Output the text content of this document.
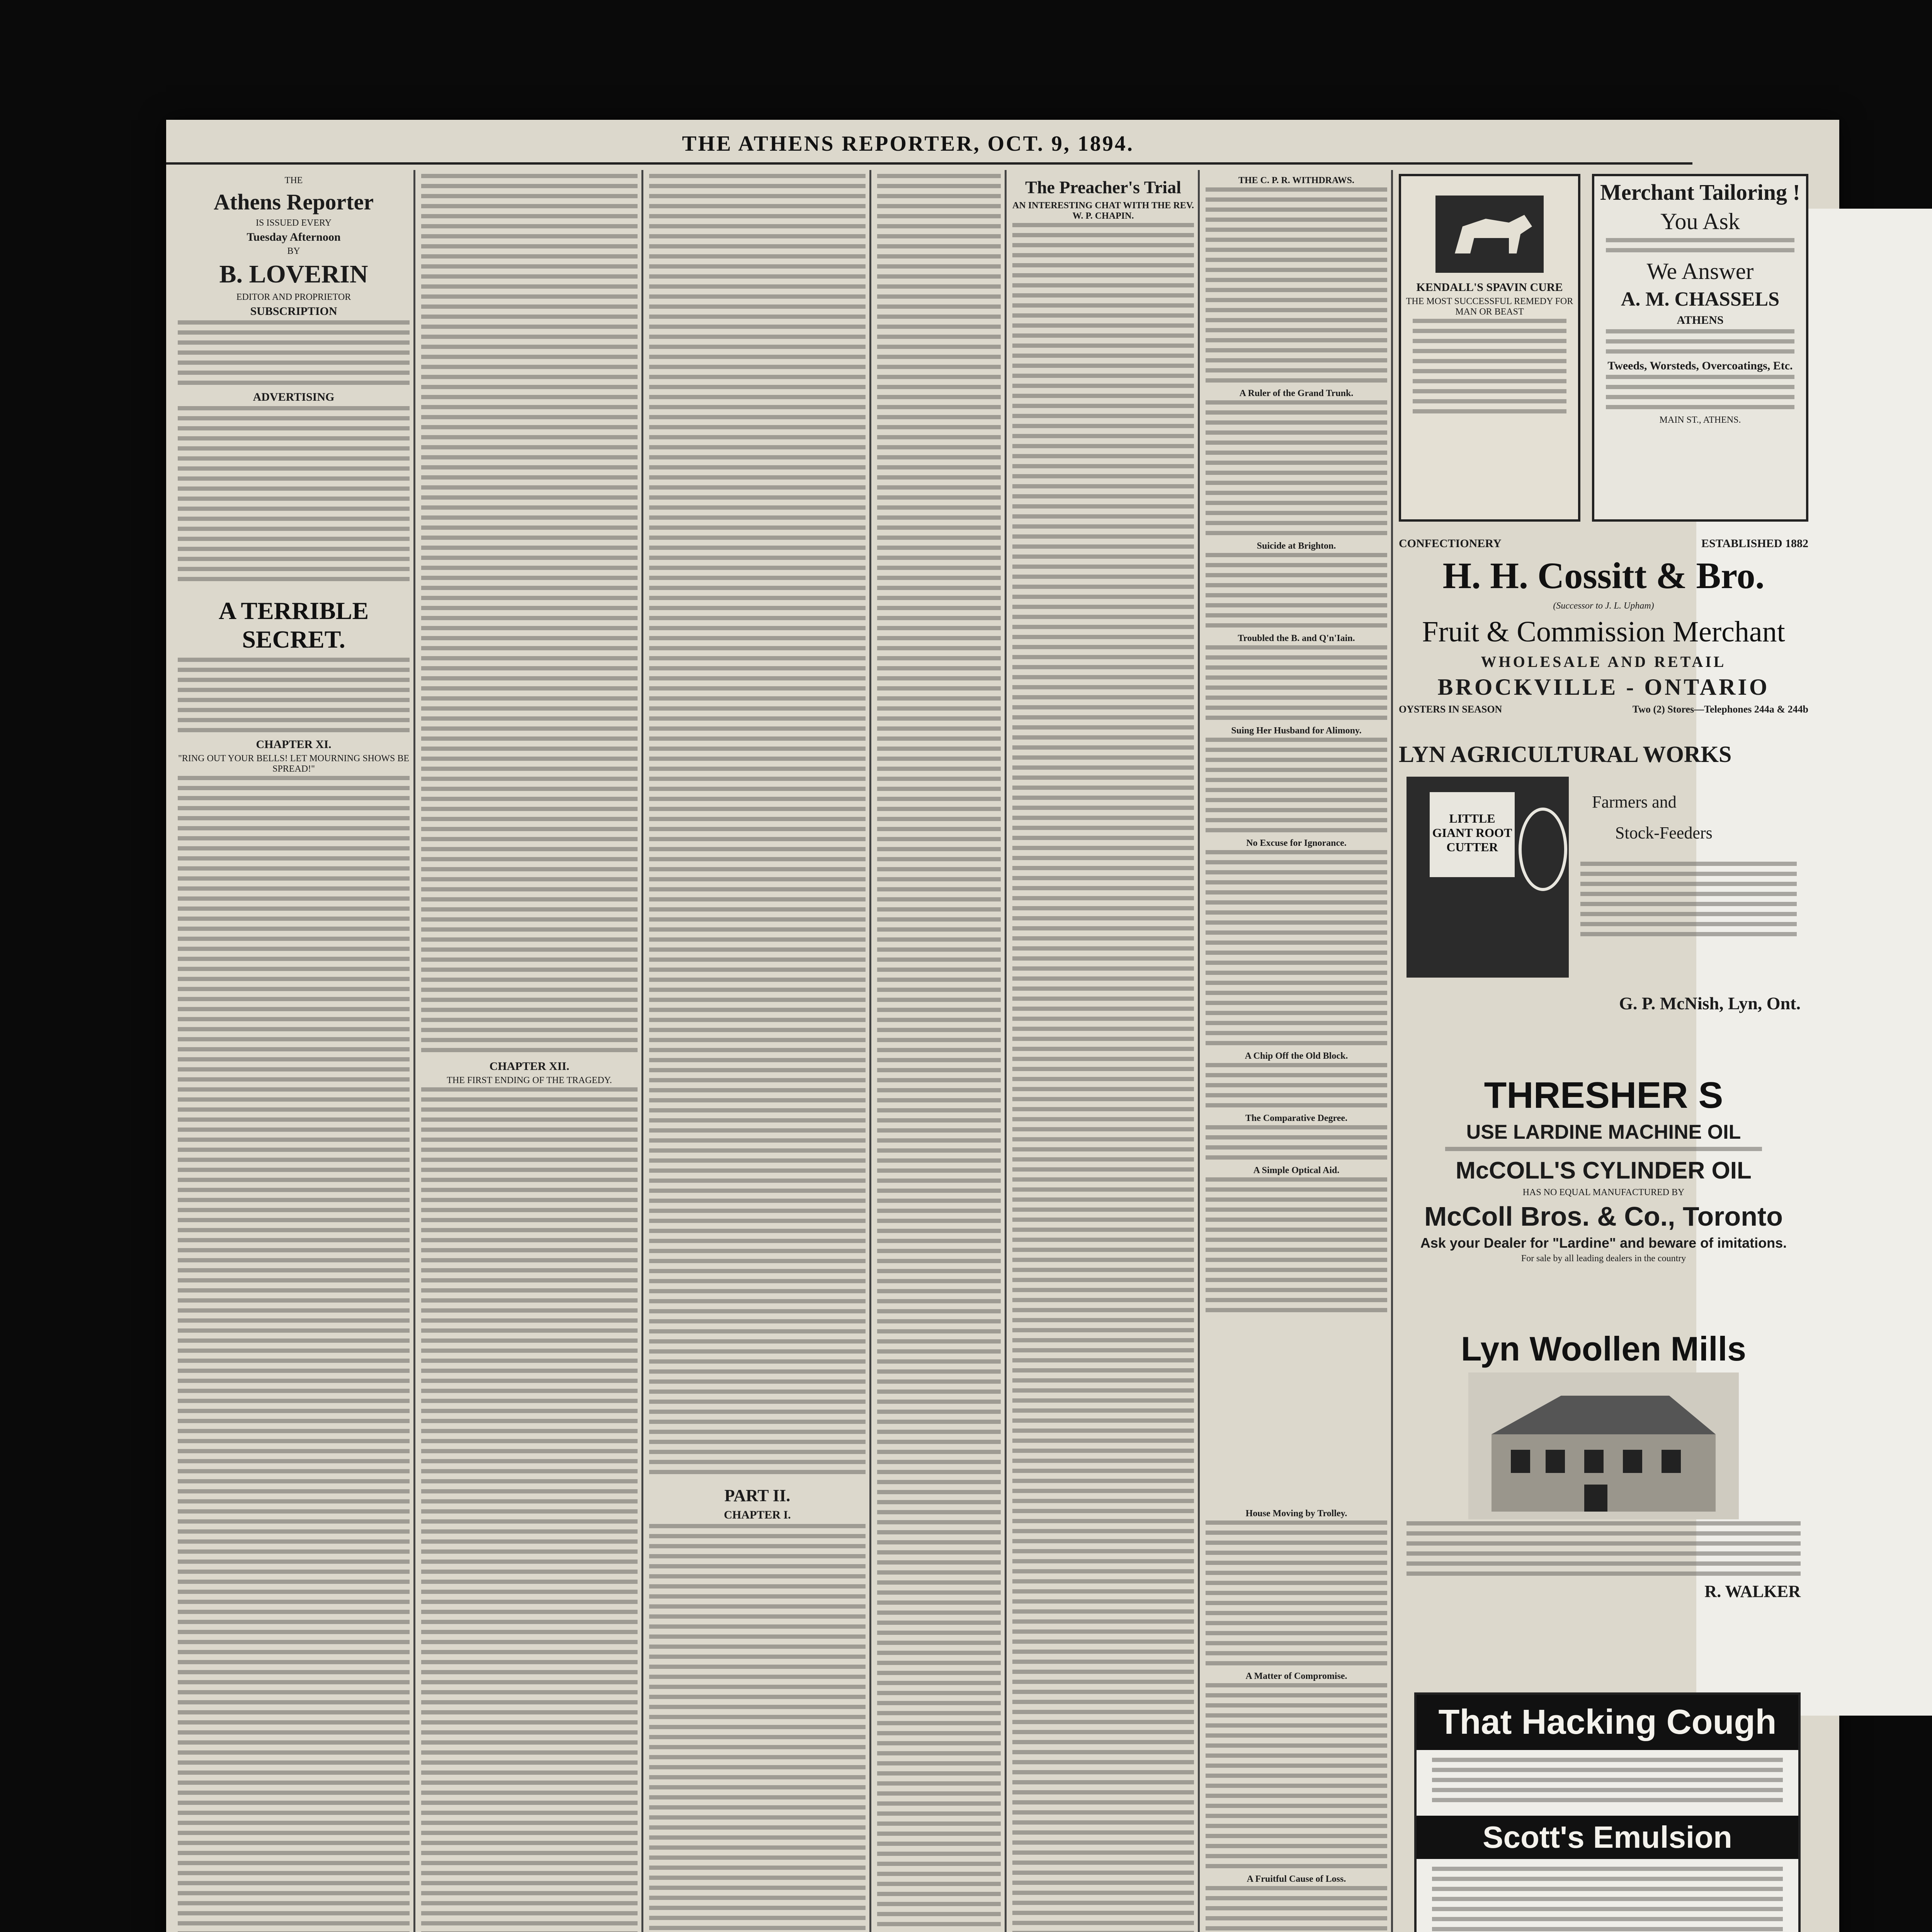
THE ATHENS REPORTER, OCT. 9, 1894.
THE
Athens Reporter
IS ISSUED EVERY
Tuesday Afternoon
BY
B. LOVERIN
EDITOR AND PROPRIETOR
SUBSCRIPTION
ADVERTISING
A TERRIBLE SECRET.
CHAPTER XI.
"RING OUT YOUR BELLS! LET MOURNING SHOWS BE SPREAD!"
CHAPTER XII.
THE FIRST ENDING OF THE TRAGEDY.
PART II.
CHAPTER I.
The Preacher's Trial
AN INTERESTING CHAT WITH THE REV. W. P. CHAPIN.
THE C. P. R. WITHDRAWS.
A Ruler of the Grand Trunk.
Suicide at Brighton.
Troubled the B. and Q'n'Iain.
Suing Her Husband for Alimony.
No Excuse for Ignorance.
A Chip Off the Old Block.
The Comparative Degree.
A Simple Optical Aid.
KENDALL'S SPAVIN CURE
THE MOST SUCCESSFUL REMEDY FOR MAN OR BEAST
Merchant Tailoring !
You Ask
We Answer
A. M. CHASSELS
ATHENS
Tweeds, Worsteds, Overcoatings, Etc.
MAIN ST., ATHENS.
CONFECTIONERY	ESTABLISHED 1882
H. H. Cossitt & Bro.
(Successor to J. L. Upham)
Fruit & Commission Merchant
WHOLESALE AND RETAIL
BROCKVILLE - ONTARIO
OYSTERS IN SEASON	Two (2) Stores—Telephones 244a & 244b
LYN AGRICULTURAL WORKS
LITTLE GIANT ROOT CUTTER
Farmers and
Stock-Feeders
G. P. McNish, Lyn, Ont.
THRESHER S
USE LARDINE MACHINE OIL
McCOLL'S CYLINDER OIL
HAS NO EQUAL MANUFACTURED BY
McColl Bros. & Co., Toronto
Ask your Dealer for "Lardine" and beware of imitations.
For sale by all leading dealers in the country
Lyn Woollen Mills
R. WALKER
That Hacking Cough
Scott's Emulsion
House Moving by Trolley.
A Matter of Compromise.
A Fruitful Cause of Loss.
